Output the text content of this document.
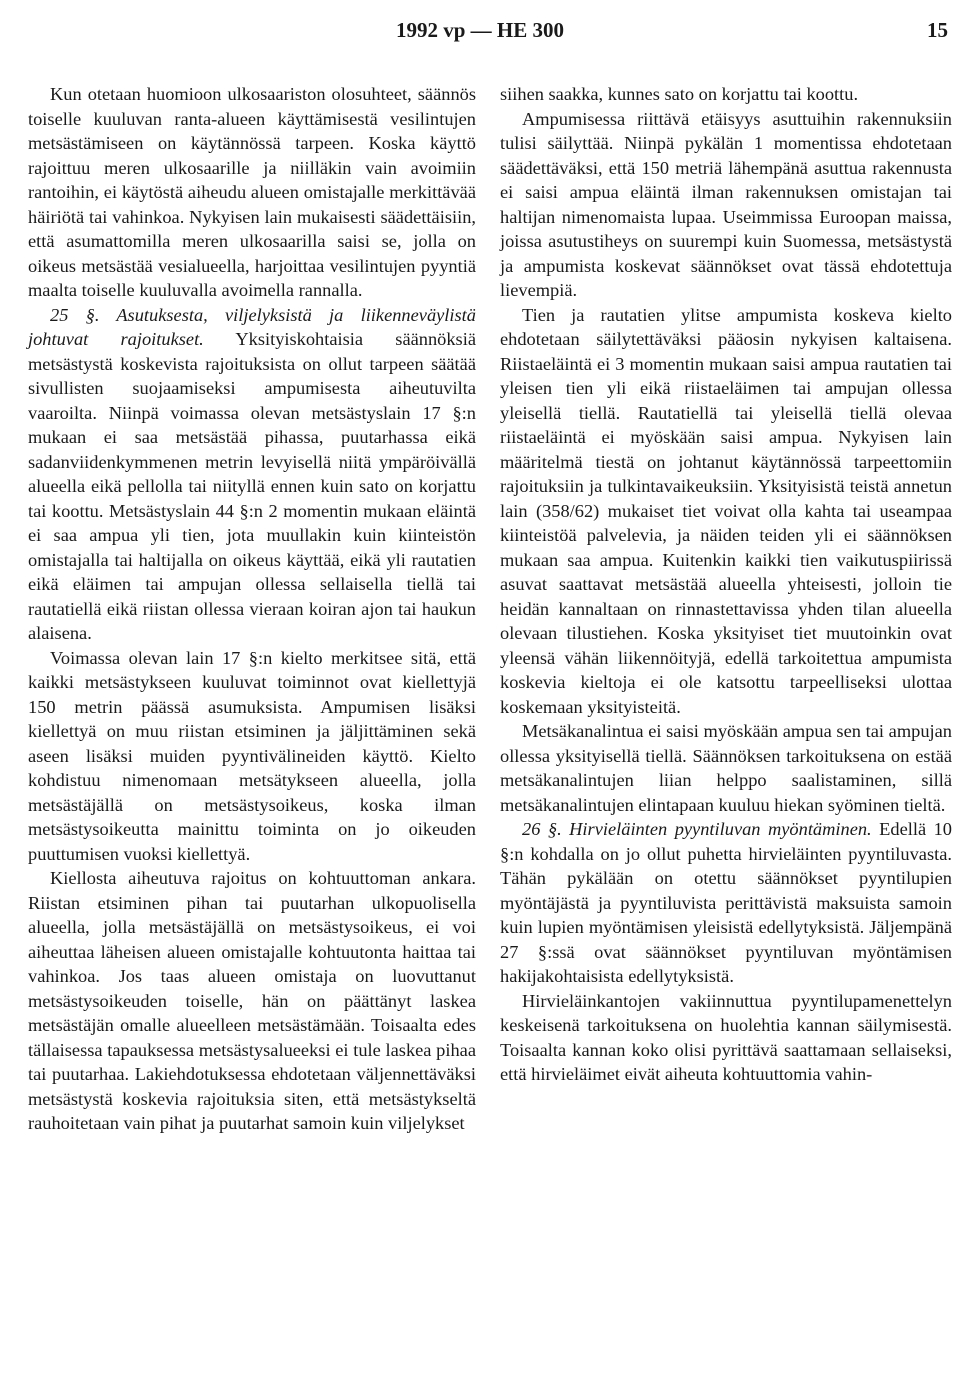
1992 vp — HE 300	15

Kun otetaan huomioon ulkosaariston olosuhteet, säännös toiselle kuuluvan ranta-alueen käyttämisestä vesilintujen metsästämiseen on käytännössä tarpeen. Koska käyttö rajoittuu meren ulkosaarille ja niilläkin vain avoimiin rantoihin, ei käytöstä aiheudu alueen omistajalle merkittävää häiriötä tai vahinkoa. Nykyisen lain mukaisesti säädettäisiin, että asumattomilla meren ulkosaarilla saisi se, jolla on oikeus metsästää vesialueella, harjoittaa vesilintujen pyyntiä maalta toiselle kuuluvalla avoimella rannalla.

25 §. Asutuksesta, viljelyksistä ja liikenneväylistä johtuvat rajoitukset. Yksityiskohtaisia säännöksiä metsästystä koskevista rajoituksista on ollut tarpeen säätää sivullisten suojaamiseksi ampumisesta aiheutuvilta vaaroilta. Niinpä voimassa olevan metsästyslain 17 §:n mukaan ei saa metsästää pihassa, puutarhassa eikä sadanviidenkymmenen metrin levyisellä niitä ympäröivällä alueella eikä pellolla tai niityllä ennen kuin sato on korjattu tai koottu. Metsästyslain 44 §:n 2 momentin mukaan eläintä ei saa ampua yli tien, jota muullakin kuin kiinteistön omistajalla tai haltijalla on oikeus käyttää, eikä yli rautatien eikä eläimen tai ampujan ollessa sellaisella tiellä tai rautatiellä eikä riistan ollessa vieraan koiran ajon tai haukun alaisena.

Voimassa olevan lain 17 §:n kielto merkitsee sitä, että kaikki metsästykseen kuuluvat toiminnot ovat kiellettyjä 150 metrin päässä asumuksista. Ampumisen lisäksi kiellettyä on muu riistan etsiminen ja jäljittäminen sekä aseen lisäksi muiden pyyntivälineiden käyttö. Kielto kohdistuu nimenomaan metsätykseen alueella, jolla metsästäjällä on metsästysoikeus, koska ilman metsästysoikeutta mainittu toiminta on jo oikeuden puuttumisen vuoksi kiellettyä.

Kiellosta aiheutuva rajoitus on kohtuuttoman ankara. Riistan etsiminen pihan tai puutarhan ulkopuolisella alueella, jolla metsästäjällä on metsästysoikeus, ei voi aiheuttaa läheisen alueen omistajalle kohtuutonta haittaa tai vahinkoa. Jos taas alueen omistaja on luovuttanut metsästysoikeuden toiselle, hän on päättänyt laskea metsästäjän omalle alueelleen metsästämään. Toisaalta edes tällaisessa tapauksessa metsästysalueeksi ei tule laskea pihaa tai puutarhaa. Lakiehdotuksessa ehdotetaan väljennettäväksi metsästystä koskevia rajoituksia siten, että metsästykseltä rauhoitetaan vain pihat ja puutarhat samoin kuin viljelykset

siihen saakka, kunnes sato on korjattu tai koottu.

Ampumisessa riittävä etäisyys asuttuihin rakennuksiin tulisi säilyttää. Niinpä pykälän 1 momentissa ehdotetaan säädettäväksi, että 150 metriä lähempänä asuttua rakennusta ei saisi ampua eläintä ilman rakennuksen omistajan tai haltijan nimenomaista lupaa. Useimmissa Euroopan maissa, joissa asutustiheys on suurempi kuin Suomessa, metsästystä ja ampumista koskevat säännökset ovat tässä ehdotettuja lievempiä.

Tien ja rautatien ylitse ampumista koskeva kielto ehdotetaan säilytettäväksi pääosin nykyisen kaltaisena. Riistaeläintä ei 3 momentin mukaan saisi ampua rautatien tai yleisen tien yli eikä riistaeläimen tai ampujan ollessa yleisellä tiellä. Rautatiellä tai yleisellä tiellä olevaa riistaeläintä ei myöskään saisi ampua. Nykyisen lain määritelmä tiestä on johtanut käytännössä tarpeettomiin rajoituksiin ja tulkintavaikeuksiin. Yksityisistä teistä annetun lain (358/62) mukaiset tiet voivat olla kahta tai useampaa kiinteistöä palvelevia, ja näiden teiden yli ei säännöksen mukaan saa ampua. Kuitenkin kaikki tien vaikutuspiirissä asuvat saattavat metsästää alueella yhteisesti, jolloin tie heidän kannaltaan on rinnastettavissa yhden tilan alueella olevaan tilustiehen. Koska yksityiset tiet muutoinkin ovat yleensä vähän liikennöityjä, edellä tarkoitettua ampumista koskevia kieltoja ei ole katsottu tarpeelliseksi ulottaa koskemaan yksityisteitä.

Metsäkanalintua ei saisi myöskään ampua sen tai ampujan ollessa yksityisellä tiellä. Säännöksen tarkoituksena on estää metsäkanalintujen liian helppo saalistaminen, sillä metsäkanalintujen elintapaan kuuluu hiekan syöminen tieltä.

26 §. Hirvieläinten pyyntiluvan myöntäminen. Edellä 10 §:n kohdalla on jo ollut puhetta hirvieläinten pyyntiluvasta. Tähän pykälään on otettu säännökset pyyntilupien myöntäjästä ja pyyntiluvista perittävistä maksuista samoin kuin lupien myöntämisen yleisistä edellytyksistä. Jäljempänä 27 §:ssä ovat säännökset pyyntiluvan myöntämisen hakijakohtaisista edellytyksistä.

Hirvieläinkantojen vakiinnuttua pyyntilupamenettelyn keskeisenä tarkoituksena on huolehtia kannan säilymisestä. Toisaalta kannan koko olisi pyrittävä saattamaan sellaiseksi, että hirvieläimet eivät aiheuta kohtuuttomia vahin-
